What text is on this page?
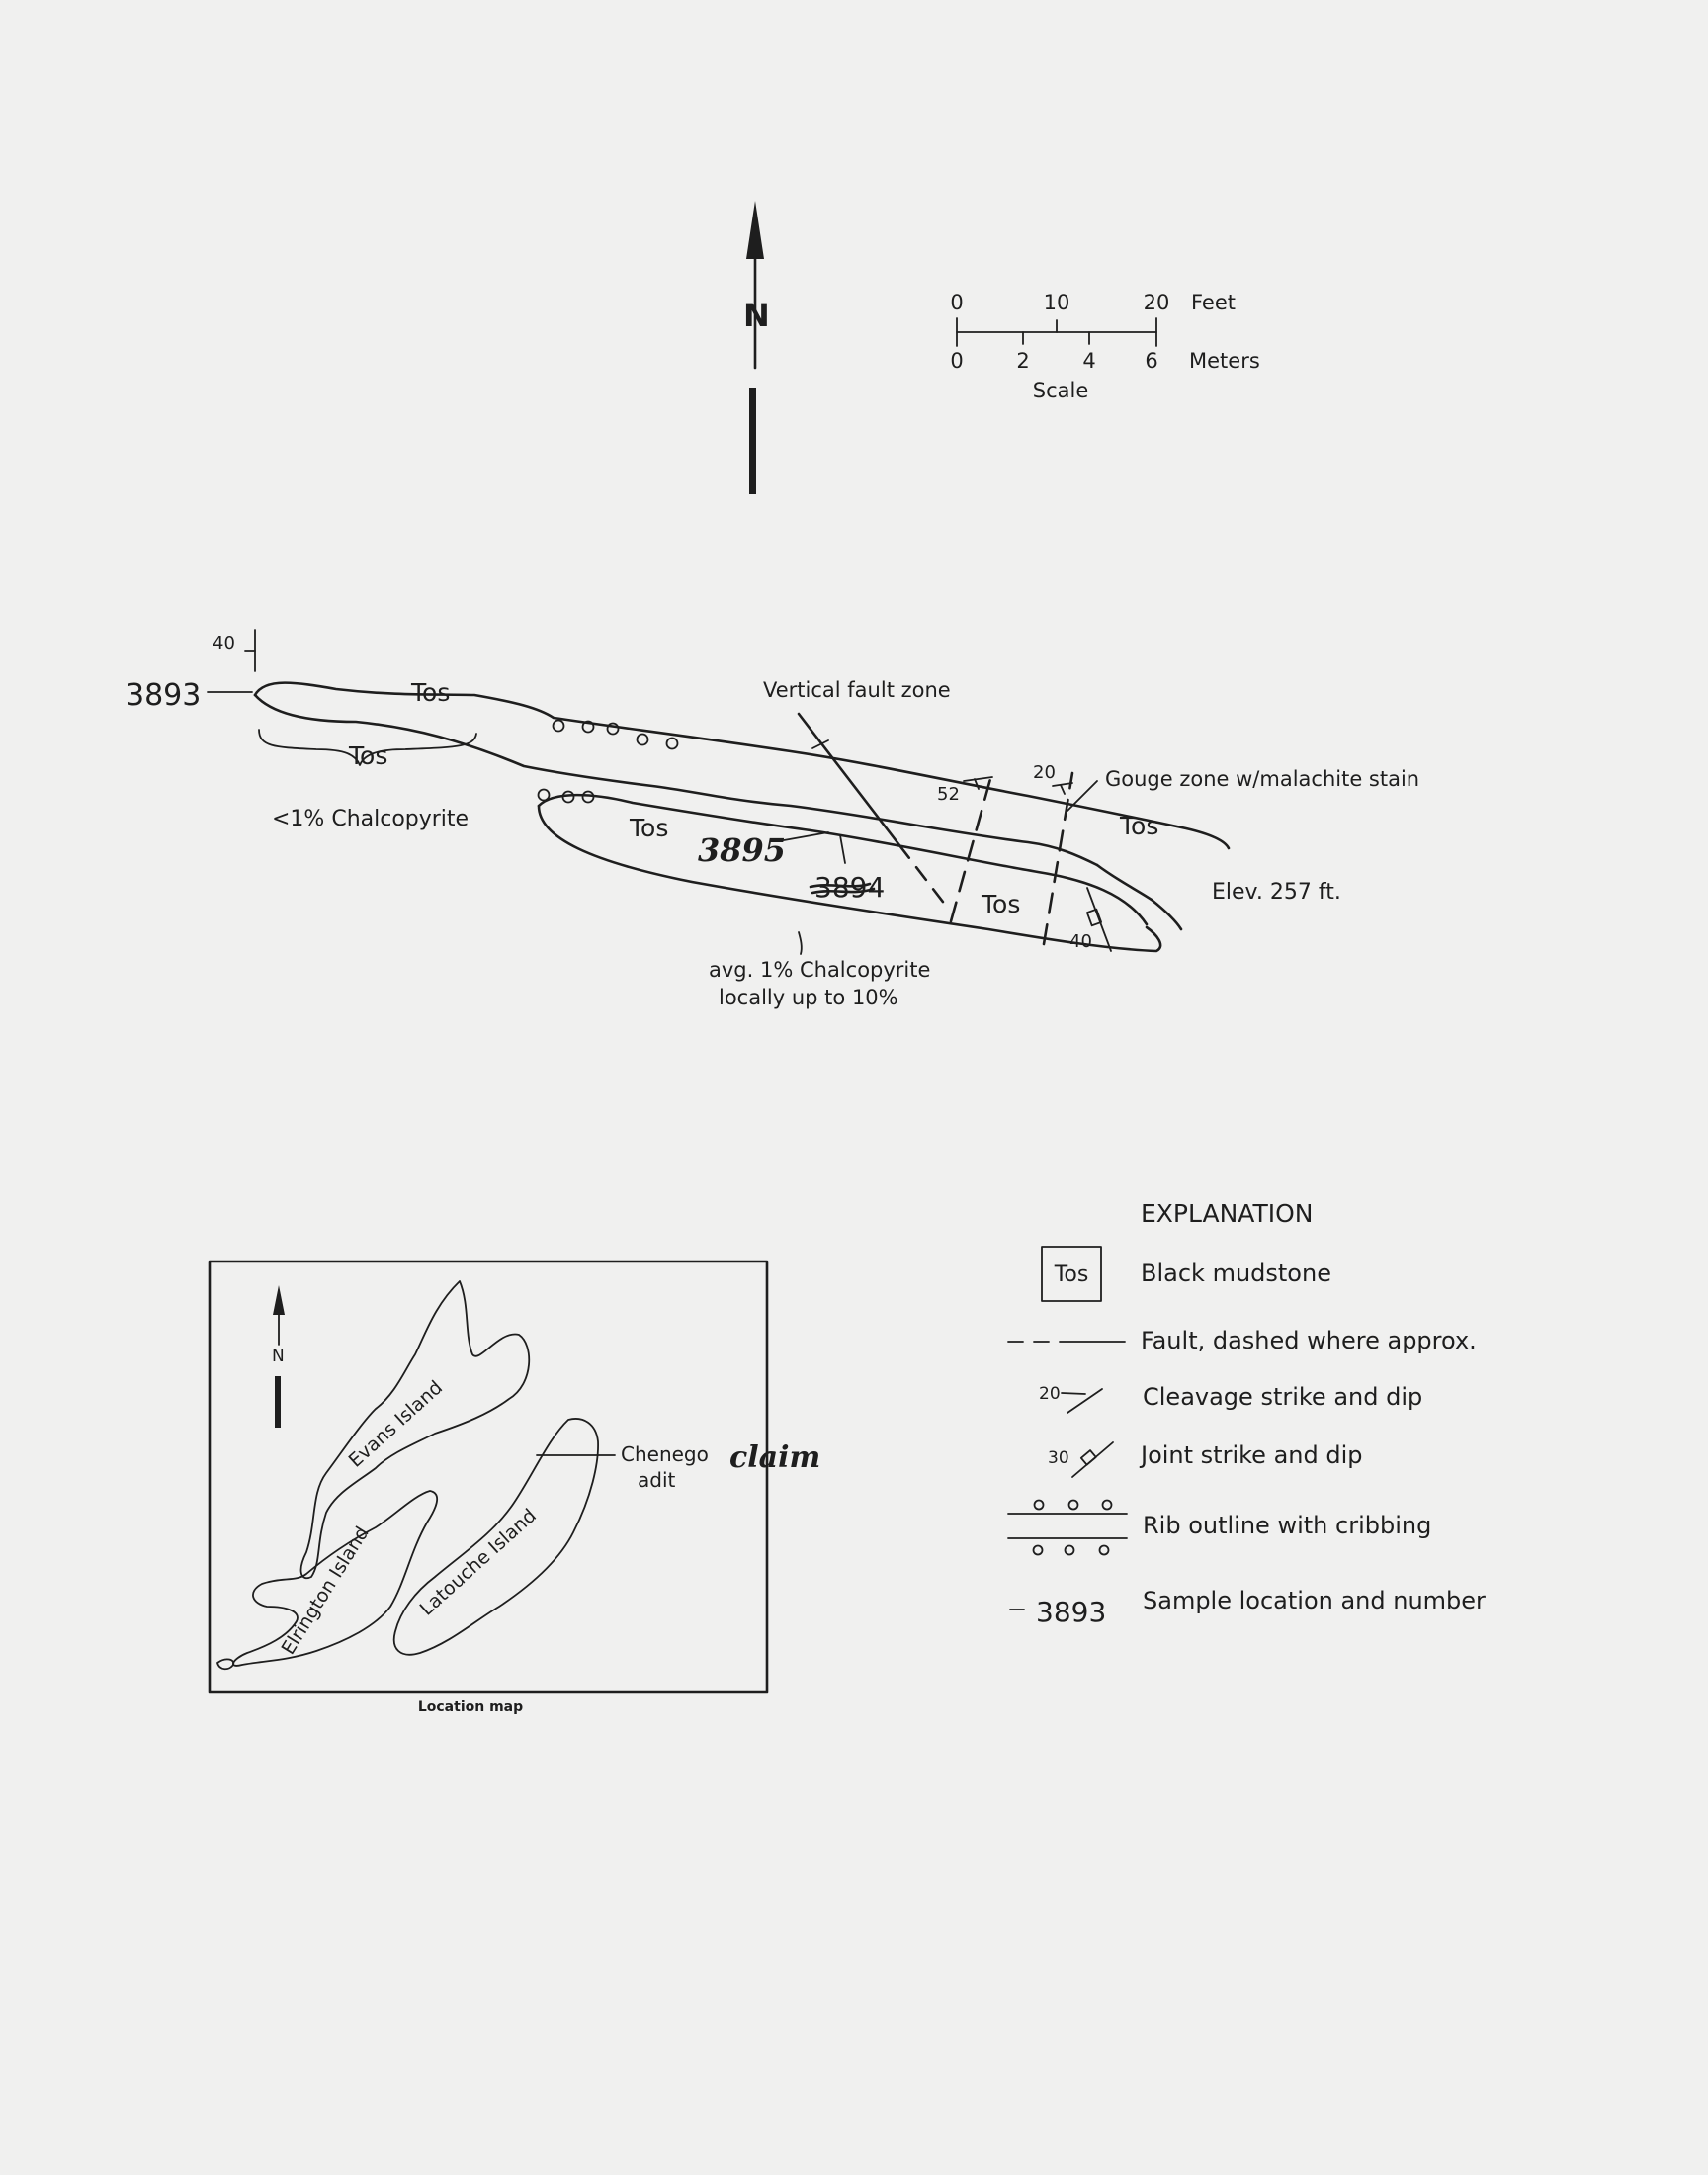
N	0	10	20 Feet
0	2	4 6 Meters
Scale
40
52
20
40
3893
3895
3894
Tos
Tos
Tos	Tos
Tos
<1% Chalcopyrite
Vertical fault zone
Gouge zone w/malachite stain
Elev. 257 ft.
avg. 1% Chalcopyrite
locally up to 10%
N
Evans Island
Elrington Island Latouche Island
Chenego claim
adit
Location map
EXPLANATION
Tos Black mudstone
Fault, dashed where approx.
20	Cleavage strike and dip
30	Joint strike and dip
Rib outline with cribbing
3893 Sample location and number
